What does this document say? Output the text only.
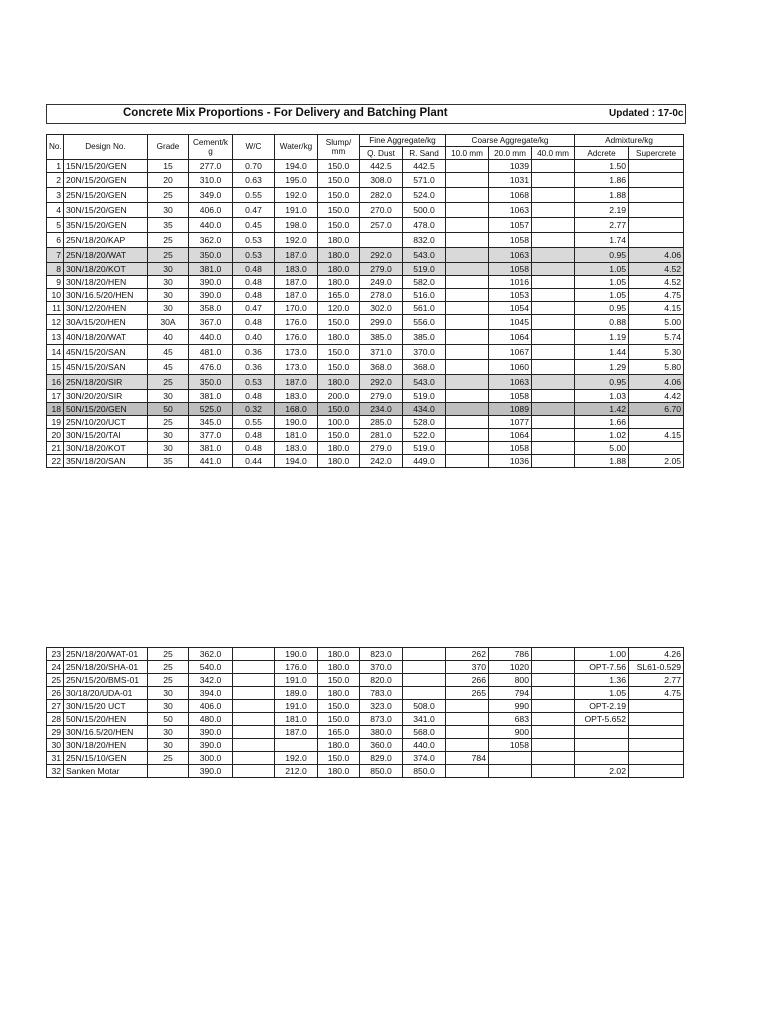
Concrete Mix Proportions - For Delivery and Batching Plant	Updated : 17-0c
No.	Design No.	Grade	Cement/k g	W/C	Water/kg	Slump/ mm	Fine Aggregate/kg		Coarse Aggregate/kg			Admixture/kg	
							Q. Dust	R. Sand	10.0 mm	20.0 mm	40.0 mm	Adcrete	Supercrete
1	15N/15/20/GEN	15	277.0	0.70	194.0	150.0	442.5	442.5		1039		1.50	
2	20N/15/20/GEN	20	310.0	0.63	195.0	150.0	308.0	571.0		1031		1.86	
3	25N/15/20/GEN	25	349.0	0.55	192.0	150.0	282.0	524.0		1068		1.88	
4	30N/15/20/GEN	30	406.0	0.47	191.0	150.0	270.0	500.0		1063		2.19	
5	35N/15/20/GEN	35	440.0	0.45	198.0	150.0	257.0	478.0		1057		2.77	
6	25N/18/20/KAP	25	362.0	0.53	192.0	180.0		832.0		1058		1.74	
7	25N/18/20/WAT	25	350.0	0.53	187.0	180.0	292.0	543.0		1063		0.95	4.06
8	30N/18/20/KOT	30	381.0	0.48	183.0	180.0	279.0	519.0		1058		1.05	4.52
9	30N/18/20/HEN	30	390.0	0.48	187.0	180.0	249.0	582.0		1016		1.05	4.52
10	30N/16.5/20/HEN	30	390.0	0.48	187.0	165.0	278.0	516.0		1053		1.05	4.75
11	30N/12/20/HEN	30	358.0	0.47	170.0	120.0	302.0	561.0		1054		0.95	4.15
12	30A/15/20/HEN	30A	367.0	0.48	176.0	150.0	299.0	556.0		1045		0.88	5.00
13	40N/18/20/WAT	40	440.0	0.40	176.0	180.0	385.0	385.0		1064		1.19	5.74
14	45N/15/20/SAN	45	481.0	0.36	173.0	150.0	371.0	370.0		1067		1.44	5.30
15	45N/15/20/SAN	45	476.0	0.36	173.0	150.0	368.0	368.0		1060		1.29	5.80
16	25N/18/20/SIR	25	350.0	0.53	187.0	180.0	292.0	543.0		1063		0.95	4.06
17	30N/20/20/SIR	30	381.0	0.48	183.0	200.0	279.0	519.0		1058		1.03	4.42
18	50N/15/20/GEN	50	525.0	0.32	168.0	150.0	234.0	434.0		1089		1.42	6.70
19	25N/10/20/UCT	25	345.0	0.55	190.0	100.0	285.0	528.0		1077		1.66	
20	30N/15/20/TAI	30	377.0	0.48	181.0	150.0	281.0	522.0		1064		1.02	4.15
21	30N/18/20/KOT	30	381.0	0.48	183.0	180.0	279.0	519.0		1058		5.00	
22	35N/18/20/SAN	35	441.0	0.44	194.0	180.0	242.0	449.0		1036		1.88	2.05
23	25N/18/20/WAT-01	25	362.0		190.0	180.0	823.0		262	786		1.00	4.26
24	25N/18/20/SHA-01	25	540.0		176.0	180.0	370.0		370	1020		OPT-7.56	SL61-0.529
25	25N/15/20/BMS-01	25	342.0		191.0	150.0	820.0		266	800		1.36	2.77
26	30/18/20/UDA-01	30	394.0		189.0	180.0	783.0		265	794		1.05	4.75
27	30N/15/20 UCT	30	406.0		191.0	150.0	323.0	508.0		990		OPT-2.19	
28	50N/15/20/HEN	50	480.0		181.0	150.0	873.0	341.0		683		OPT-5.652	
29	30N/16.5/20/HEN	30	390.0		187.0	165.0	380.0	568.0		900			
30	30N/18/20/HEN	30	390.0			180.0	360.0	440.0		1058			
31	25N/15/10/GEN	25	300.0		192.0	150.0	829.0	374.0	784				
32	Sanken Motar		390.0		212.0	180.0	850.0	850.0				2.02	
